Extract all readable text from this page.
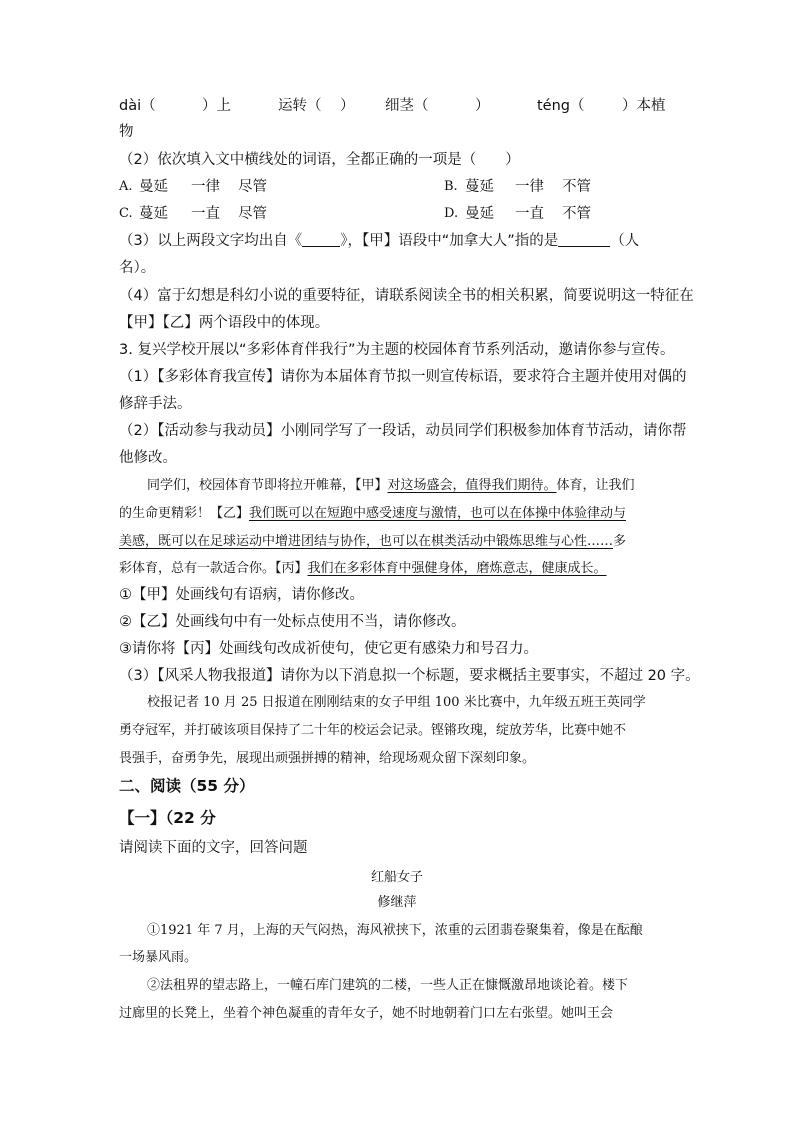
dài（	）上	运转（ ） 细茎（	）	téng（	）本植
物
（2）依次填入文中横线处的词语，全都正确的一项是（　　）
A. 曼延 一律 尽管	B. 蔓延 一律 不管
C. 蔓延 一直 尽管	D. 曼延 一直 不管
（3）以上两段文字均出自《	》，【甲】语段中“加拿大人”指的是	（人
名）。
（4）富于幻想是科幻小说的重要特征，请联系阅读全书的相关积累，简要说明这一特征在
【甲】【乙】两个语段中的体现。
3. 复兴学校开展以“多彩体育伴我行”为主题的校园体育节系列活动，邀请你参与宣传。
（1）【多彩体育我宣传】请你为本届体育节拟一则宣传标语，要求符合主题并使用对偶的
修辞手法。
（2）【活动参与我动员】小刚同学写了一段话，动员同学们积极参加体育节活动，请你帮
他修改。
同学们，校园体育节即将拉开帷幕，【甲】对这场盛会，值得我们期待。体育，让我们
的生命更精彩！【乙】我们既可以在短跑中感受速度与激情，也可以在体操中体验律动与
美感，既可以在足球运动中增进团结与协作，也可以在棋类活动中锻炼思维与心性……多
彩体育，总有一款适合你。【丙】我们在多彩体育中强健身体，磨炼意志，健康成长。
①【甲】处画线句有语病，请你修改。
②【乙】处画线句中有一处标点使用不当，请你修改。
③请你将【丙】处画线句改成祈使句，使它更有感染力和号召力。
（3）【风采人物我报道】请你为以下消息拟一个标题，要求概括主要事实，不超过 20 字。
校报记者 10 月 25 日报道在刚刚结束的女子甲组 100 米比赛中，九年级五班王英同学
勇夺冠军，并打破该项目保持了二十年的校运会记录。铿锵玫瑰，绽放芳华，比赛中她不
畏强手，奋勇争先，展现出顽强拼搏的精神，给现场观众留下深刻印象。
二、阅读（55 分）
【一】（22 分
请阅读下面的文字，回答问题
红船女子
修继萍
①1921 年 7 月，上海的天气闷热，海风袱挟下，浓重的云团翡卷聚集着，像是在酝酿
一场暴风雨。
②法租界的望志路上，一幢石库门建筑的二楼，一些人正在慷慨激昂地谈论着。楼下
过廊里的长凳上，坐着个神色凝重的青年女子，她不时地朝着门口左右张望。她叫王会
